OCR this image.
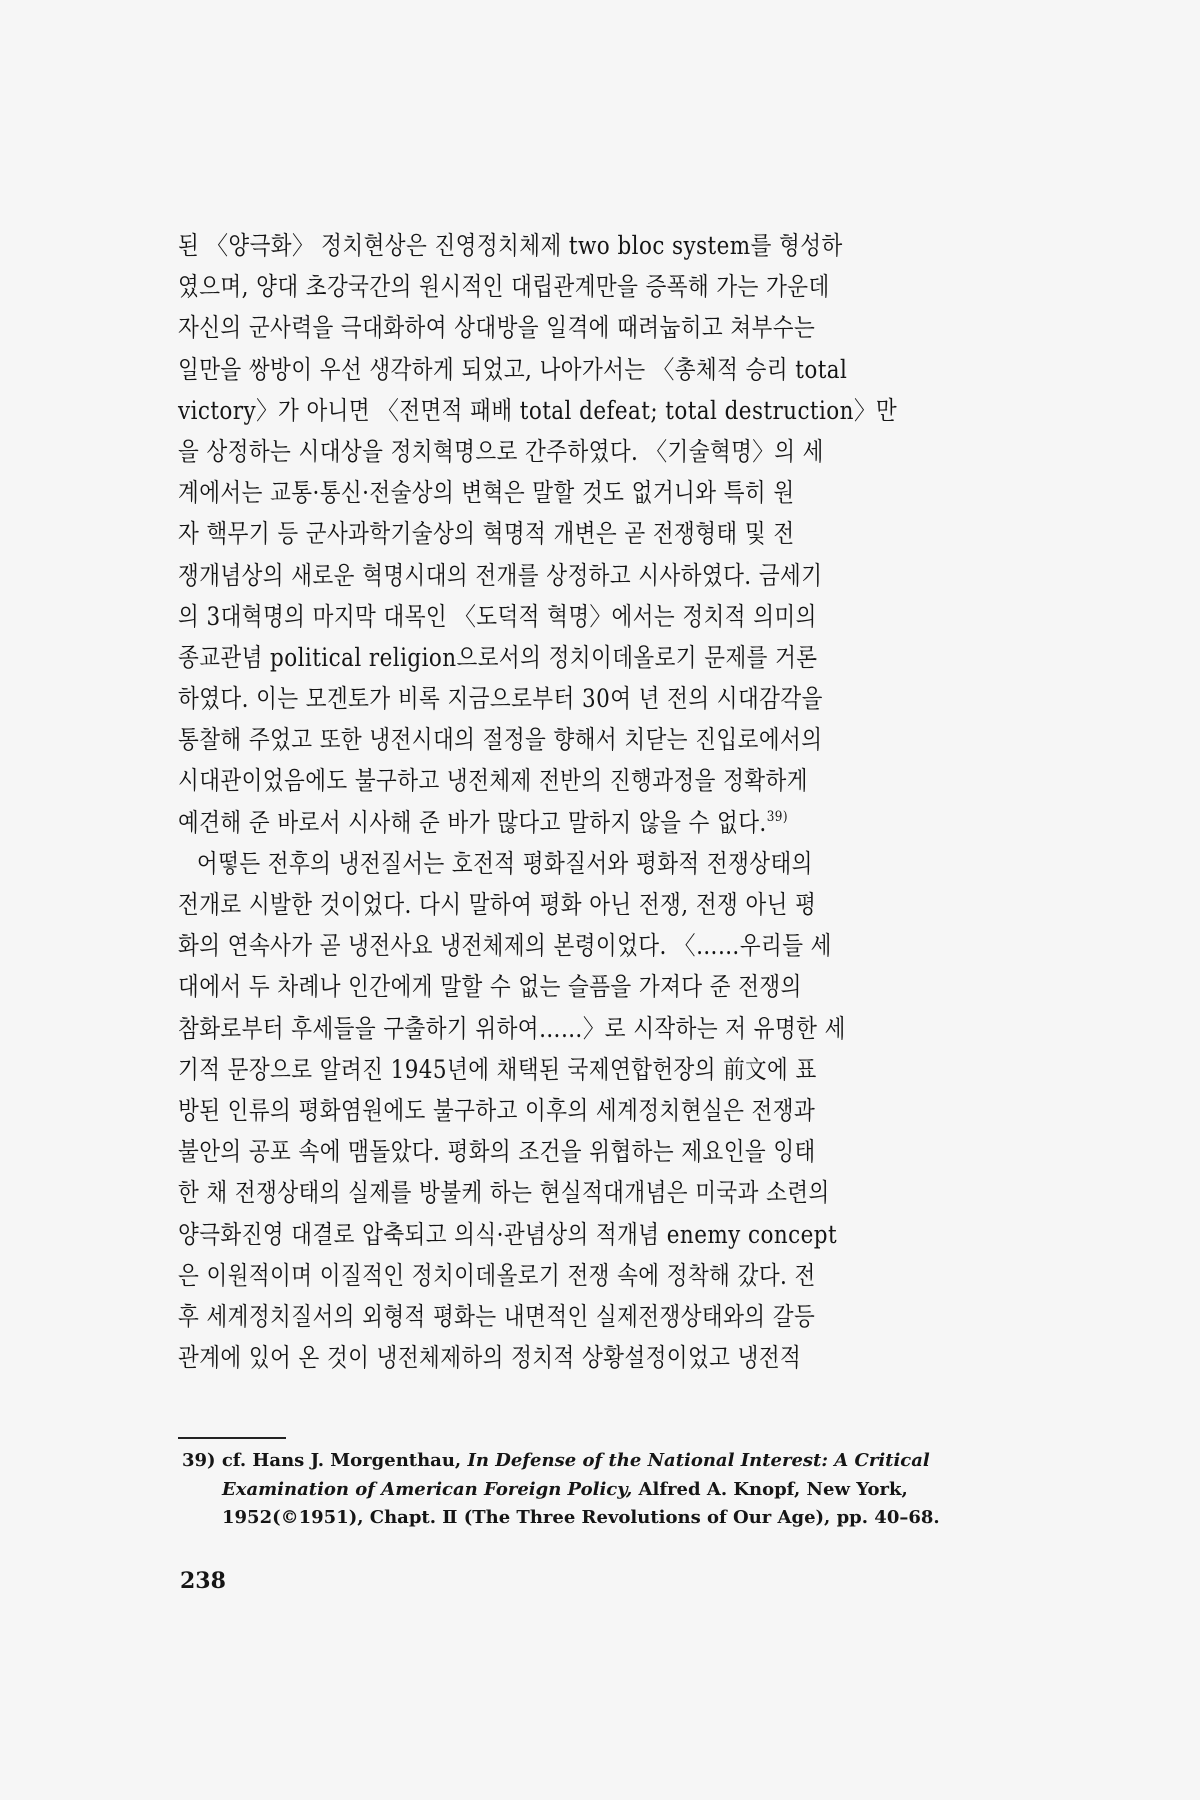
된 〈양극화〉 정치현상은 진영정치체제 two bloc system를 형성하
였으며, 양대 초강국간의 원시적인 대립관계만을 증폭해 가는 가운데
자신의 군사력을 극대화하여 상대방을 일격에 때려눕히고 쳐부수는
일만을 쌍방이 우선 생각하게 되었고, 나아가서는 〈총체적 승리 total
victory〉가 아니면 〈전면적 패배 total defeat; total destruction〉만
을 상정하는 시대상을 정치혁명으로 간주하였다. 〈기술혁명〉의 세
계에서는 교통·통신·전술상의 변혁은 말할 것도 없거니와 특히 원
자 핵무기 등 군사과학기술상의 혁명적 개변은 곧 전쟁형태 및 전
쟁개념상의 새로운 혁명시대의 전개를 상정하고 시사하였다. 금세기
의 3대혁명의 마지막 대목인 〈도덕적 혁명〉에서는 정치적 의미의
종교관념 political religion으로서의 정치이데올로기 문제를 거론
하였다. 이는 모겐토가 비록 지금으로부터 30여 년 전의 시대감각을
통찰해 주었고 또한 냉전시대의 절정을 향해서 치닫는 진입로에서의
시대관이었음에도 불구하고 냉전체제 전반의 진행과정을 정확하게
예견해 준 바로서 시사해 준 바가 많다고 말하지 않을 수 없다.$^{39)}$
어떻든 전후의 냉전질서는 호전적 평화질서와 평화적 전쟁상태의
전개로 시발한 것이었다. 다시 말하여 평화 아닌 전쟁, 전쟁 아닌 평
화의 연속사가 곧 냉전사요 냉전체제의 본령이었다. 〈……우리들 세
대에서 두 차례나 인간에게 말할 수 없는 슬픔을 가져다 준 전쟁의
참화로부터 후세들을 구출하기 위하여……〉로 시작하는 저 유명한 세
기적 문장으로 알려진 1945년에 채택된 국제연합헌장의 前文에 표
방된 인류의 평화염원에도 불구하고 이후의 세계정치현실은 전쟁과
불안의 공포 속에 맴돌았다. 평화의 조건을 위협하는 제요인을 잉태
한 채 전쟁상태의 실제를 방불케 하는 현실적대개념은 미국과 소련의
양극화진영 대결로 압축되고 의식·관념상의 적개념 enemy concept
은 이원적이며 이질적인 정치이데올로기 전쟁 속에 정착해 갔다. 전
후 세계정치질서의 외형적 평화는 내면적인 실제전쟁상태와의 갈등
관계에 있어 온 것이 냉전체제하의 정치적 상황설정이었고 냉전적
39) cf. Hans J. Morgenthau, In Defense of the National Interest: A Critical
Examination of American Foreign Policy, Alfred A. Knopf, New York,
1952(©1951), Chapt. Ⅱ (The Three Revolutions of Our Age), pp. 40–68.
238
